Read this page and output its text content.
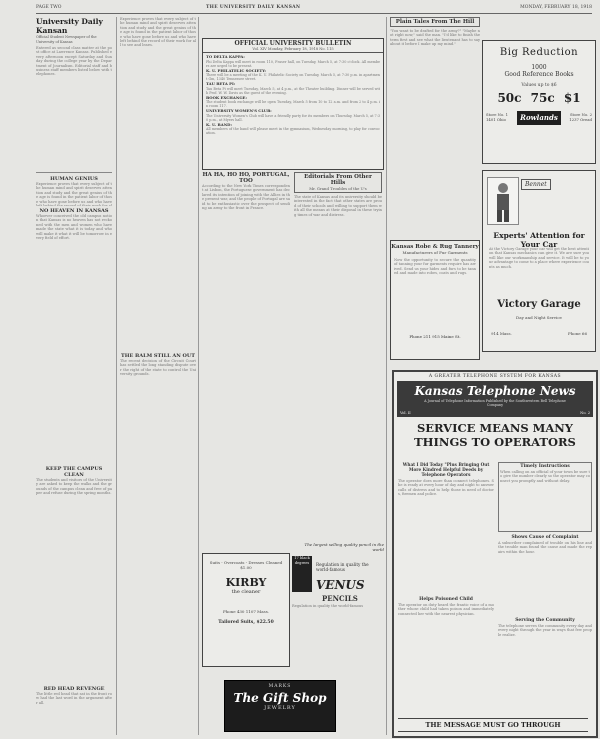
PAGE TWO	THE UNIVERSITY DAILY KANSAN	MONDAY, FEBRUARY 18, 1918
University Daily Kansan
Official Student Newspaper of the University of Kansas
Entered as second class matter at the post office at Lawrence Kansas. Published every afternoon except Saturday and Sunday during the college year by the Department of Journalism. Editorial staff and business staff members listed below with telephones.
HUMAN GENIUS
Experience proves that every subject of the human mind and spirit deserves attention and study and the great genius of the age is found in the patient labor of those who have gone before us and who have
NO HEAVEN IN KANSAS
Whoever conceived the old campus notion that Kansas is no heaven has not reckoned with the men and women who have made the state what it is today and who will make it what it will be tomorrow in every field of effort.
KEEP THE CAMPUS CLEAN
The students and visitors of the University are asked to keep the walks and the grounds of the campus clean and free of paper and refuse during the spring months.
RED HEAD REVENGE
The little red head that sat in the front row had the last word in the argument after all.
Experience proves that every subject of the human mind and spirit deserves attention and study and the great genius of the age is found in the patient labor of those who have gone before us and who have left behind the record of their work for all to see and learn.
THE BALM STILL AN OUT
The recent decision of the Circuit Court has settled the long standing dispute over the right of the state to control the University grounds.
OFFICIAL UNIVERSITY BULLETIN
Vol. XIV Monday, February 18, 1918 No. 115
TO DELTA KAPPA:
Phi Delta Kappa will meet in room 110, Fraser hall, on Tuesday, March 5, at 7:30 o'clock. All members are urged to be present.
K. U. PHILATELIC SOCIETY:
There will be a meeting of the K. U. Philatelic Society on Tuesday, March 5, at 7:30 p.m. in apartment Gm, 1340 Tennessee street.
TAU BETA PI:
Tau Beta Pi will meet Tuesday, March 5, at 4 p.m., at the Theater building. Dinner will be served with Prof. W. W. Davis as the guest of the evening.
BOOK EXCHANGE:
The student book exchange will be open Tuesday, March 5 from 10 to 12 a.m. and from 2 to 4 p.m. in room 117.
UNIVERSITY WOMEN'S CLUB:
The University Women's Club will have a friendly party for its members on Thursday, March 5, at 7:30 p.m., at Myers hall.
K. U. BAND:
All members of the band will please meet in the gymnasium, Wednesday morning, to play for convocation.
HA HA, HO HO, PORTUGAL, TOO
According to the New York Times correspondent at Lisbon, the Portuguese government has declared its intention of joining with the Allies in the present war, and the people of Portugal are said to be enthusiastic over the prospect of sending an army to the front in France.
Editorials From Other Hills
Mr. Grand Troubles of the U's
The state of Kansas and its university should be interested in the fact that other states are proud of their schools and willing to support them with all the means at their disposal in these trying times of war and distress.
Suits - Overcoats - Dresses Cleaned $1.00
KIRBY
the cleaner
Phone 430 1107 Mass.
Tailored Suits, $22.50
The largest selling quality pencil in the world
17 black degrees	Regulation in quality the world-famous
VENUS
PENCILS
Regulation in quality the world-famous
MARKS
The Gift Shop
JEWELRY
Plain Tales From The Hill
"You want to be drafted for the army?" "Maybe not right now," said the man. "I'd like to finish the term first and see what the lieutenant has to say about it before I make up my mind."
Kansas Robe & Rug Tannery
Manufacturers of Fur Garments
Now the opportunity to secure the quantity of tanning your fur garments require has arrived. Send us your hides and furs to be tanned and made into robes, coats and rugs.
Phone 211 915 Maine St.
Big Reduction
1000
Good Reference Books
Values up to $6
50c 75c $1
Store No. 1
1401 Ohio	Rowlands	Store No. 2
1237 Oread
Bennet
Experts' Attention for Your Car
At the Victory Garage your car will get the best attention that Kansas mechanics can give it. We are sure you will like our workmanship and service. It will be to your advantage to come to a place where experience counts as much.
Victory Garage
Day and Night Service
914 Mass.	Phone 66
A GREATER TELEPHONE SYSTEM FOR KANSAS
Kansas Telephone News
A Journal of Telephone Information Published by the Southwestern Bell Telephone Company
Vol. II	No. 2
SERVICE MEANS MANY
THINGS TO OPERATORS
What I Did Today "Plus Bringing Out More Kindred Helpful Deeds by Telephone Operators
The operator does more than connect telephones. She is ready at every hour of day and night to answer calls of distress and to help those in need of doctors, firemen and police.
Helps Poisoned Child
The operator on duty heard the frantic voice of a mother whose child had taken poison and immediately connected her with the nearest physician.
Timely Instructions
When calling on an official of your town be sure to give the number clearly so the operator may connect you promptly and without delay.
Shows Cause of Complaint
A subscriber complained of trouble on his line and the trouble man found the cause and made the repairs within the hour.
Serving the Community
The telephone serves the community every day and every night through the year in ways that few people realize.
THE MESSAGE MUST GO THROUGH
